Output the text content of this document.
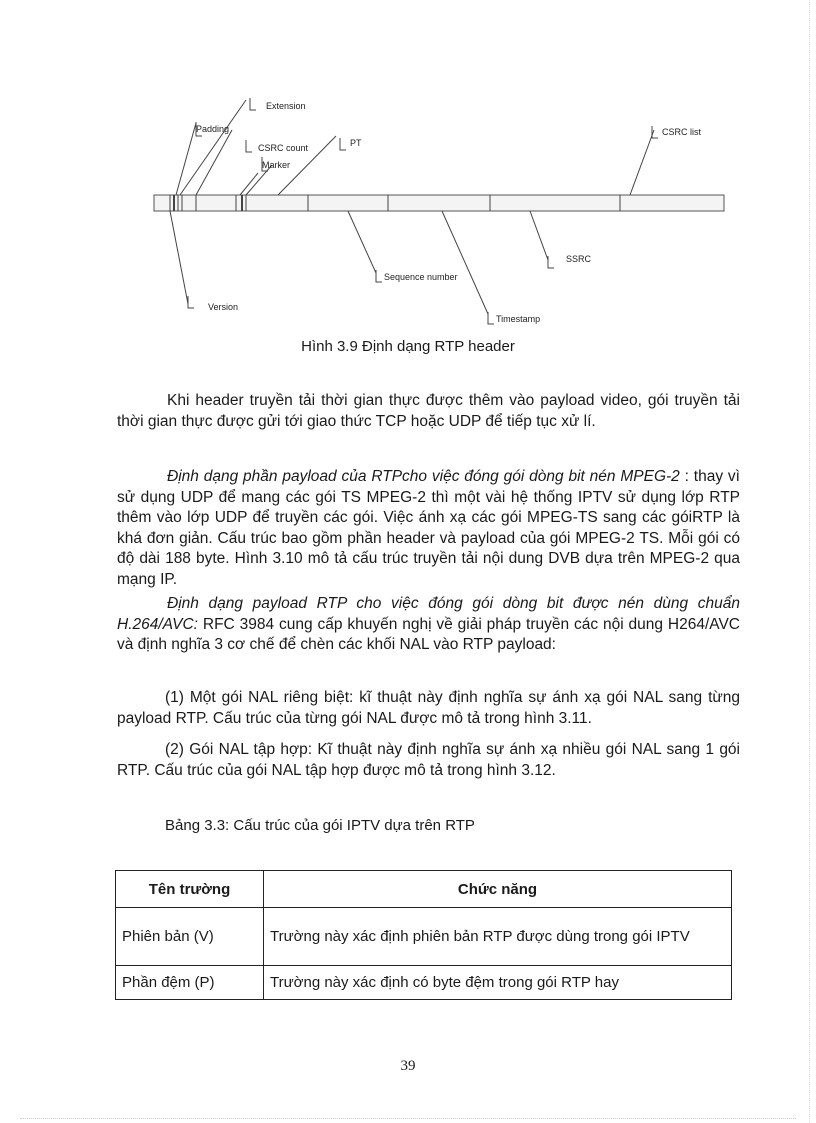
Extension
Padding
CSRC count
Marker
PT
CSRC list
Version
Sequence number
SSRC
Timestamp
Hình 3.9 Định dạng RTP header

Khi header truyền tải thời gian thực được thêm vào payload video, gói truyền tải thời gian thực được gửi tới giao thức TCP hoặc UDP để tiếp tục xử lí.

Định dạng phần payload của RTPcho việc đóng gói dòng bit nén MPEG-2 : thay vì sử dụng UDP để mang các gói TS MPEG-2 thì một vài hệ thống IPTV sử dụng lớp RTP thêm vào lớp UDP để truyền các gói. Việc ánh xạ các gói MPEG-TS sang các góiRTP là khá đơn giản. Cấu trúc bao gồm phần header và payload của gói MPEG-2 TS. Mỗi gói có độ dài 188 byte. Hình 3.10 mô tả cấu trúc truyền tải nội dung DVB dựa trên MPEG-2 qua mạng IP.

Định dạng payload RTP cho việc đóng gói dòng bit được nén dùng chuẩn H.264/AVC: RFC 3984 cung cấp khuyến nghị về giải pháp truyền các nội dung H264/AVC và định nghĩa 3 cơ chế để chèn các khối NAL vào RTP payload:

(1) Một gói NAL riêng biệt: kĩ thuật này định nghĩa sự ánh xạ gói NAL sang từng payload RTP. Cấu trúc của từng gói NAL được mô tả trong hình 3.11.

(2) Gói NAL tập hợp: Kĩ thuật này định nghĩa sự ánh xạ nhiều gói NAL sang 1 gói RTP. Cấu trúc của gói NAL tập hợp được mô tả trong hình 3.12.

Bảng 3.3: Cấu trúc của gói IPTV dựa trên RTP
Tên trường	Chức năng
Phiên bản (V)	Trường này xác định phiên bản RTP được dùng trong gói IPTV
Phần đệm (P)	Trường này xác định có byte đệm trong gói RTP hay
39
